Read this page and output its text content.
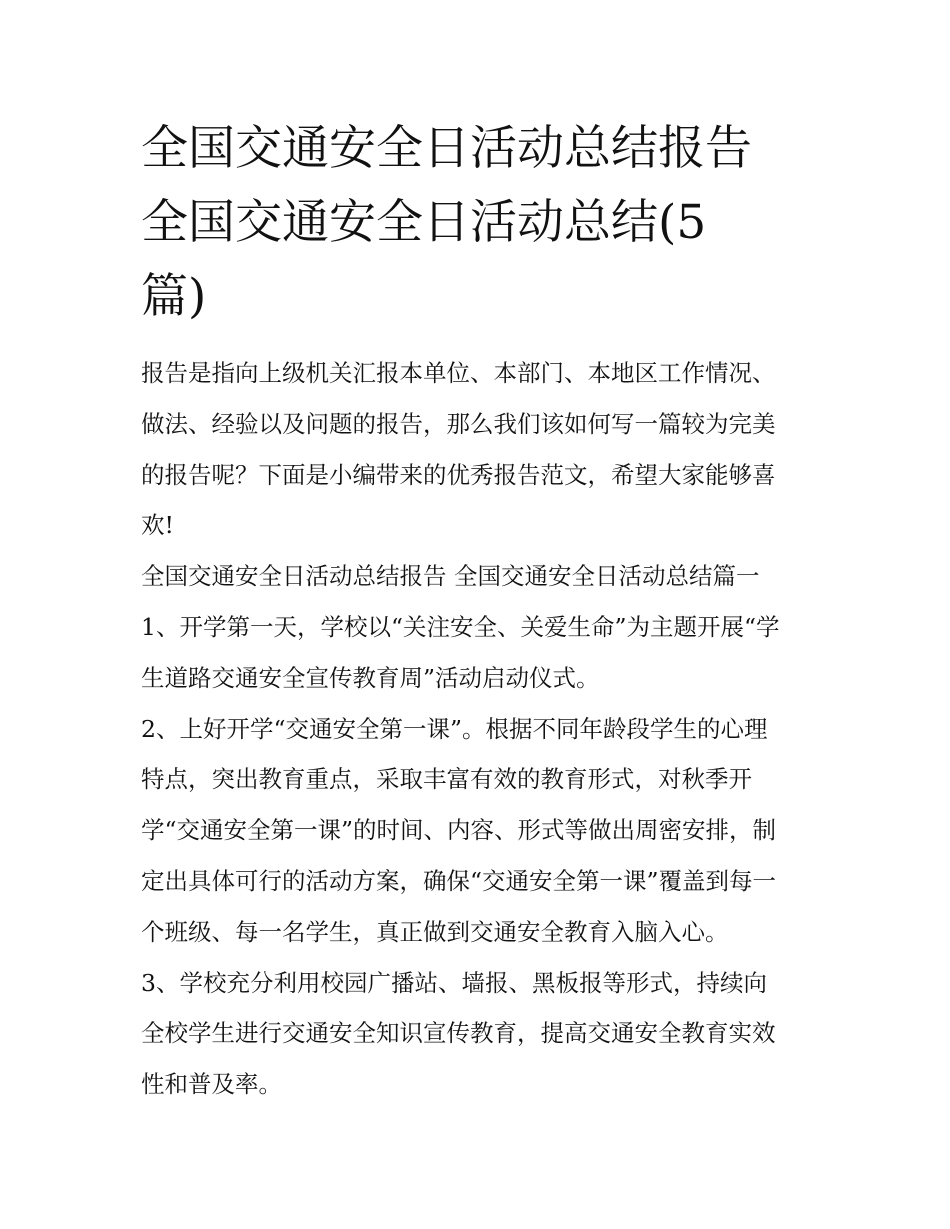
全国交通安全日活动总结报告
全国交通安全日活动总结(5
篇)

报告是指向上级机关汇报本单位、本部门、本地区工作情况、
做法、经验以及问题的报告，那么我们该如何写一篇较为完美
的报告呢？下面是小编带来的优秀报告范文，希望大家能够喜
欢!

全国交通安全日活动总结报告 全国交通安全日活动总结篇一

1、开学第一天，学校以“关注安全、关爱生命”为主题开展“学
生道路交通安全宣传教育周”活动启动仪式。

2、上好开学“交通安全第一课”。根据不同年龄段学生的心理
特点，突出教育重点，采取丰富有效的教育形式，对秋季开
学“交通安全第一课”的时间、内容、形式等做出周密安排，制
定出具体可行的活动方案，确保“交通安全第一课”覆盖到每一
个班级、每一名学生，真正做到交通安全教育入脑入心。

3、学校充分利用校园广播站、墙报、黑板报等形式，持续向
全校学生进行交通安全知识宣传教育，提高交通安全教育实效
性和普及率。
